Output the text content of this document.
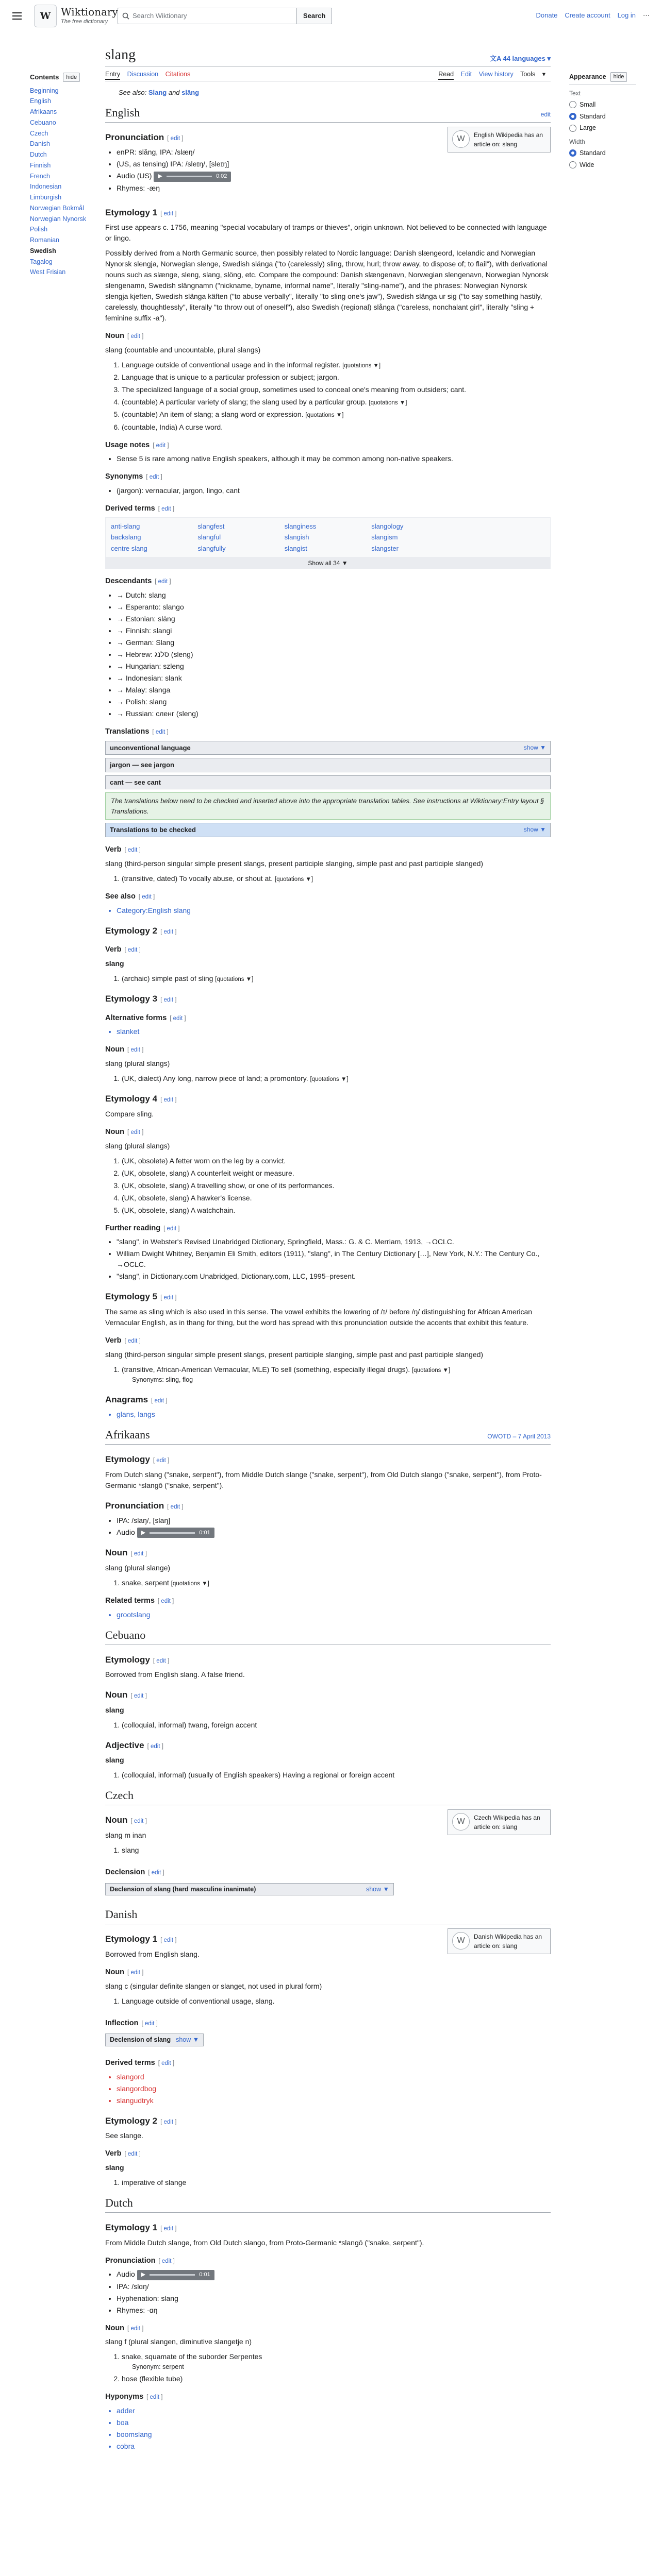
W Wiktionary
The free dictionary
Search Wiktionary	Search	Donate Create account Log in ⋯
Contents	hide
Beginning
English
Afrikaans
Cebuano
Czech
Danish
Dutch
Finnish
French
Indonesian
Limburgish
Norwegian Bokmål
Norwegian Nynorsk
Polish
Romanian
Swedish
Tagalog
West Frisian
Appearance	hide
Text
Small
Standard
Large
Width
Standard
Wide
slang	文A 44 languages ▾
Entry Discussion Citations	Read Edit View history Tools ▾
See also: Slang and släng
English	edit
W	English Wikipedia has an article on: slang
Pronunciation [ edit ]
• enPR: slăng, IPA: /slæŋ/
• (US, as tensing) IPA: /sleɪŋ/, [sleɪŋ]
• Audio (US) ▶	0:02
• Rhymes: -æŋ
Etymology 1 [ edit ]

First use appears c. 1756, meaning "special vocabulary of tramps or thieves", origin unknown. Not believed to be connected with language or lingo.

Possibly derived from a North Germanic source, then possibly related to Nordic language: Danish slængeord, Icelandic and Norwegian Nynorsk slengja, Norwegian slenge, Swedish slänga ("to (carelessly) sling, throw, hurl; throw away, to dispose of; to flail"), with derivational nouns such as slænge, sleng, slang, slöng, etc. Compare the compound: Danish slængenavn, Norwegian slengenavn, Norwegian Nynorsk slengenamn, Swedish slängnamn ("nickname, byname, informal name", literally "sling-name"), and the phrases: Norwegian Nynorsk slengja kjeften, Swedish slänga käften ("to abuse verbally", literally "to sling one's jaw"), Swedish slänga ur sig ("to say something hastily, carelessly, thoughtlessly", literally "to throw out of oneself"), also Swedish (regional) slånga ("careless, nonchalant girl", literally "sling + feminine suffix -a").

Noun [ edit ]

slang (countable and uncountable, plural slangs)

1. Language outside of conventional usage and in the informal register. [quotations ▼]
2. Language that is unique to a particular profession or subject; jargon.
3. The specialized language of a social group, sometimes used to conceal one's meaning from outsiders; cant.
4. (countable) A particular variety of slang; the slang used by a particular group. [quotations ▼]
5. (countable) An item of slang; a slang word or expression. [quotations ▼]
6. (countable, India) A curse word.
Usage notes [ edit ]
• Sense 5 is rare among native English speakers, although it may be common among non-native speakers.
Synonyms [ edit ]
• (jargon): vernacular, jargon, lingo, cant
Derived terms [ edit ]
anti-slang	slangfest	slanginess	slangology
backslang	slangful	slangish	slangism
centre slang	slangfully	slangist	slangster
Show all 34 ▼
Descendants [ edit ]
• → Dutch: slang
• → Esperanto: slango
• → Estonian: släng
• → Finnish: slangi
• → German: Slang
• → Hebrew: סלנג (sleng)
• → Hungarian: szleng
• → Indonesian: slank
• → Malay: slanga
• → Polish: slang
• → Russian: сленг (sleng)
Translations [ edit ]
unconventional language	show ▼
jargon — see jargon
cant — see cant
The translations below need to be checked and inserted above into the appropriate translation tables. See instructions at Wiktionary:Entry layout § Translations.
Translations to be checked	show ▼
Verb [ edit ]

slang (third-person singular simple present slangs, present participle slanging, simple past and past participle slanged)

1. (transitive, dated) To vocally abuse, or shout at. [quotations ▼]
See also [ edit ]
• Category:English slang
Etymology 2 [ edit ]
Verb [ edit ]

slang

1. (archaic) simple past of sling [quotations ▼]
Etymology 3 [ edit ]
Alternative forms [ edit ]
• slanket
Noun [ edit ]

slang (plural slangs)

1. (UK, dialect) Any long, narrow piece of land; a promontory. [quotations ▼]
Etymology 4 [ edit ]

Compare sling.

Noun [ edit ]

slang (plural slangs)

1. (UK, obsolete) A fetter worn on the leg by a convict.
2. (UK, obsolete, slang) A counterfeit weight or measure.
3. (UK, obsolete, slang) A travelling show, or one of its performances.
4. (UK, obsolete, slang) A hawker's license.
5. (UK, obsolete, slang) A watchchain.
Further reading [ edit ]
• "slang", in Webster's Revised Unabridged Dictionary, Springfield, Mass.: G. & C. Merriam, 1913, →OCLC.
• William Dwight Whitney, Benjamin Eli Smith, editors (1911), "slang", in The Century Dictionary […], New York, N.Y.: The Century Co., →OCLC.
• "slang", in Dictionary.com Unabridged, Dictionary.com, LLC, 1995–present.
Etymology 5 [ edit ]

The same as sling which is also used in this sense. The vowel exhibits the lowering of /ɪ/ before /ŋ/ distinguishing for African American Vernacular English, as in thang for thing, but the word has spread with this pronunciation outside the accents that exhibit this feature.

Verb [ edit ]

slang (third-person singular simple present slangs, present participle slanging, simple past and past participle slanged)

1. (transitive, African-American Vernacular, MLE) To sell (something, especially illegal drugs). [quotations ▼]
Synonyms: sling, flog
Anagrams [ edit ]
• glans, langs
Afrikaans	OWOTD – 7 April 2013
Etymology [ edit ]

From Dutch slang ("snake, serpent"), from Middle Dutch slange ("snake, serpent"), from Old Dutch slango ("snake, serpent"), from Proto-Germanic *slangō ("snake, serpent").

Pronunciation [ edit ]
• IPA: /slaŋ/, [slaŋ]
• Audio ▶	0:01
Noun [ edit ]

slang (plural slange)

1. snake, serpent [quotations ▼]
Related terms [ edit ]
• grootslang
Cebuano
Etymology [ edit ]

Borrowed from English slang. A false friend.

Noun [ edit ]

slang

1. (colloquial, informal) twang, foreign accent
Adjective [ edit ]

slang

1. (colloquial, informal) (usually of English speakers) Having a regional or foreign accent
Czech
W	Czech Wikipedia has an article on: slang
Noun [ edit ]

slang m inan

1. slang
Declension [ edit ]
Declension of slang (hard masculine inanimate)	show ▼
Danish
W	Danish Wikipedia has an article on: slang
Etymology 1 [ edit ]

Borrowed from English slang.

Noun [ edit ]

slang c (singular definite slangen or slanget, not used in plural form)

1. Language outside of conventional usage, slang.
Inflection [ edit ]
Declension of slang show ▼
Derived terms [ edit ]
• slangord
• slangordbog
• slangudtryk
Etymology 2 [ edit ]

See slange.

Verb [ edit ]

slang

1. imperative of slange
Dutch
Etymology 1 [ edit ]

From Middle Dutch slange, from Old Dutch slango, from Proto-Germanic *slangō ("snake, serpent").

Pronunciation [ edit ]
• Audio ▶	0:01
• IPA: /slɑŋ/
• Hyphenation: slang
• Rhymes: -ɑŋ
Noun [ edit ]

slang f (plural slangen, diminutive slangetje n)

1. snake, squamate of the suborder Serpentes
Synonym: serpent
2. hose (flexible tube)
Hyponyms [ edit ]
• adder
• boa
• boomslang
• cobra
